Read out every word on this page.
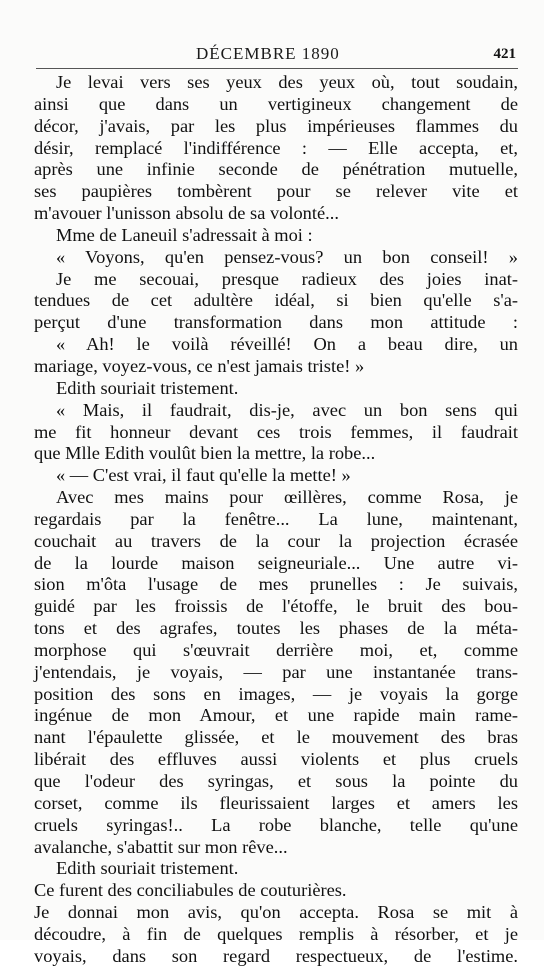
DÉCEMBRE 1890	421
Je levai vers ses yeux des yeux où, tout soudain,
ainsi que dans un vertigineux changement de
décor, j'avais, par les plus impérieuses flammes du
désir, remplacé l'indifférence : — Elle accepta, et,
après une infinie seconde de pénétration mutuelle,
ses paupières tombèrent pour se relever vite et
m'avouer l'unisson absolu de sa volonté...
Mme de Laneuil s'adressait à moi :
« Voyons, qu'en pensez-vous? un bon conseil! »
Je me secouai, presque radieux des joies inat-
tendues de cet adultère idéal, si bien qu'elle s'a-
perçut d'une transformation dans mon attitude :
« Ah! le voilà réveillé! On a beau dire, un
mariage, voyez-vous, ce n'est jamais triste! »
Edith souriait tristement.
« Mais, il faudrait, dis-je, avec un bon sens qui
me fit honneur devant ces trois femmes, il faudrait
que Mlle Edith voulût bien la mettre, la robe...
« — C'est vrai, il faut qu'elle la mette! »
Avec mes mains pour œillères, comme Rosa, je
regardais par la fenêtre... La lune, maintenant,
couchait au travers de la cour la projection écrasée
de la lourde maison seigneuriale... Une autre vi-
sion m'ôta l'usage de mes prunelles : Je suivais,
guidé par les froissis de l'étoffe, le bruit des bou-
tons et des agrafes, toutes les phases de la méta-
morphose qui s'œuvrait derrière moi, et, comme
j'entendais, je voyais, — par une instantanée trans-
position des sons en images, — je voyais la gorge
ingénue de mon Amour, et une rapide main rame-
nant l'épaulette glissée, et le mouvement des bras
libérait des effluves aussi violents et plus cruels
que l'odeur des syringas, et sous la pointe du
corset, comme ils fleurissaient larges et amers les
cruels syringas!.. La robe blanche, telle qu'une
avalanche, s'abattit sur mon rêve...
Edith souriait tristement.
Ce furent des conciliabules de couturières.
Je donnai mon avis, qu'on accepta. Rosa se mit à
découdre, à fin de quelques remplis à résorber, et je
voyais, dans son regard respectueux, de l'estime.
